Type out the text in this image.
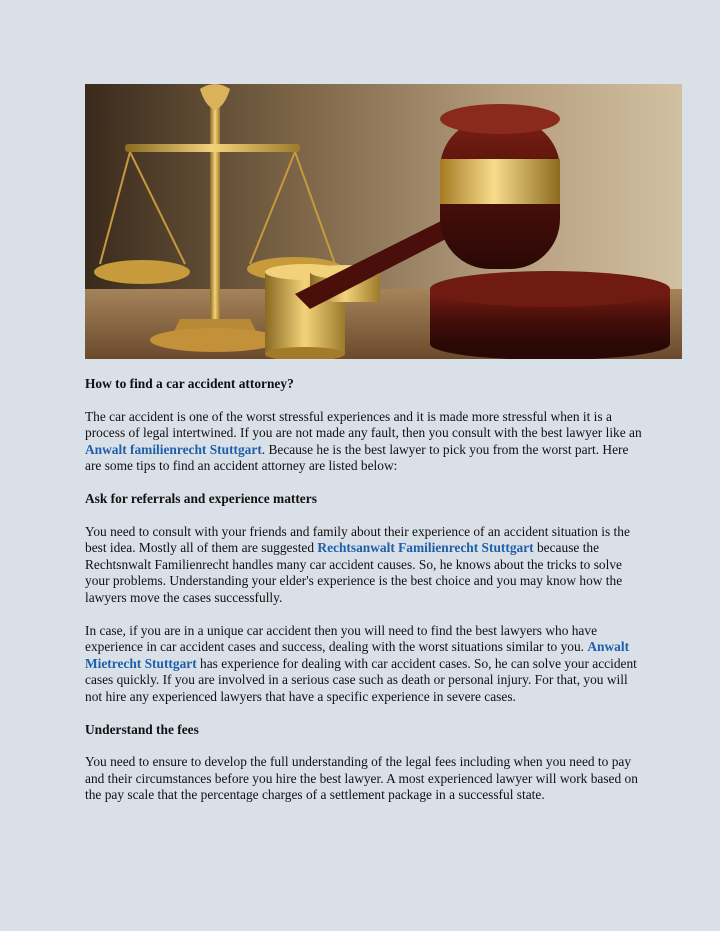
How to find a car accident attorney?

The car accident is one of the worst stressful experiences and it is made more stressful when it is a process of legal intertwined. If you are not made any fault, then you consult with the best lawyer like an Anwalt familienrecht Stuttgart. Because he is the best lawyer to pick you from the worst part. Here are some tips to find an accident attorney are listed below:

Ask for referrals and experience matters

You need to consult with your friends and family about their experience of an accident situation is the best idea. Mostly all of them are suggested Rechtsanwalt Familienrecht Stuttgart because the Rechtsnwalt Familienrecht handles many car accident causes. So, he knows about the tricks to solve your problems. Understanding your elder's experience is the best choice and you may know how the lawyers move the cases successfully.

In case, if you are in a unique car accident then you will need to find the best lawyers who have experience in car accident cases and success, dealing with the worst situations similar to you. Anwalt Mietrecht Stuttgart has experience for dealing with car accident cases. So, he can solve your accident cases quickly. If you are involved in a serious case such as death or personal injury. For that, you will not hire any experienced lawyers that have a specific experience in severe cases.

Understand the fees

You need to ensure to develop the full understanding of the legal fees including when you need to pay and their circumstances before you hire the best lawyer. A most experienced lawyer will work based on the pay scale that the percentage charges of a settlement package in a successful state.
